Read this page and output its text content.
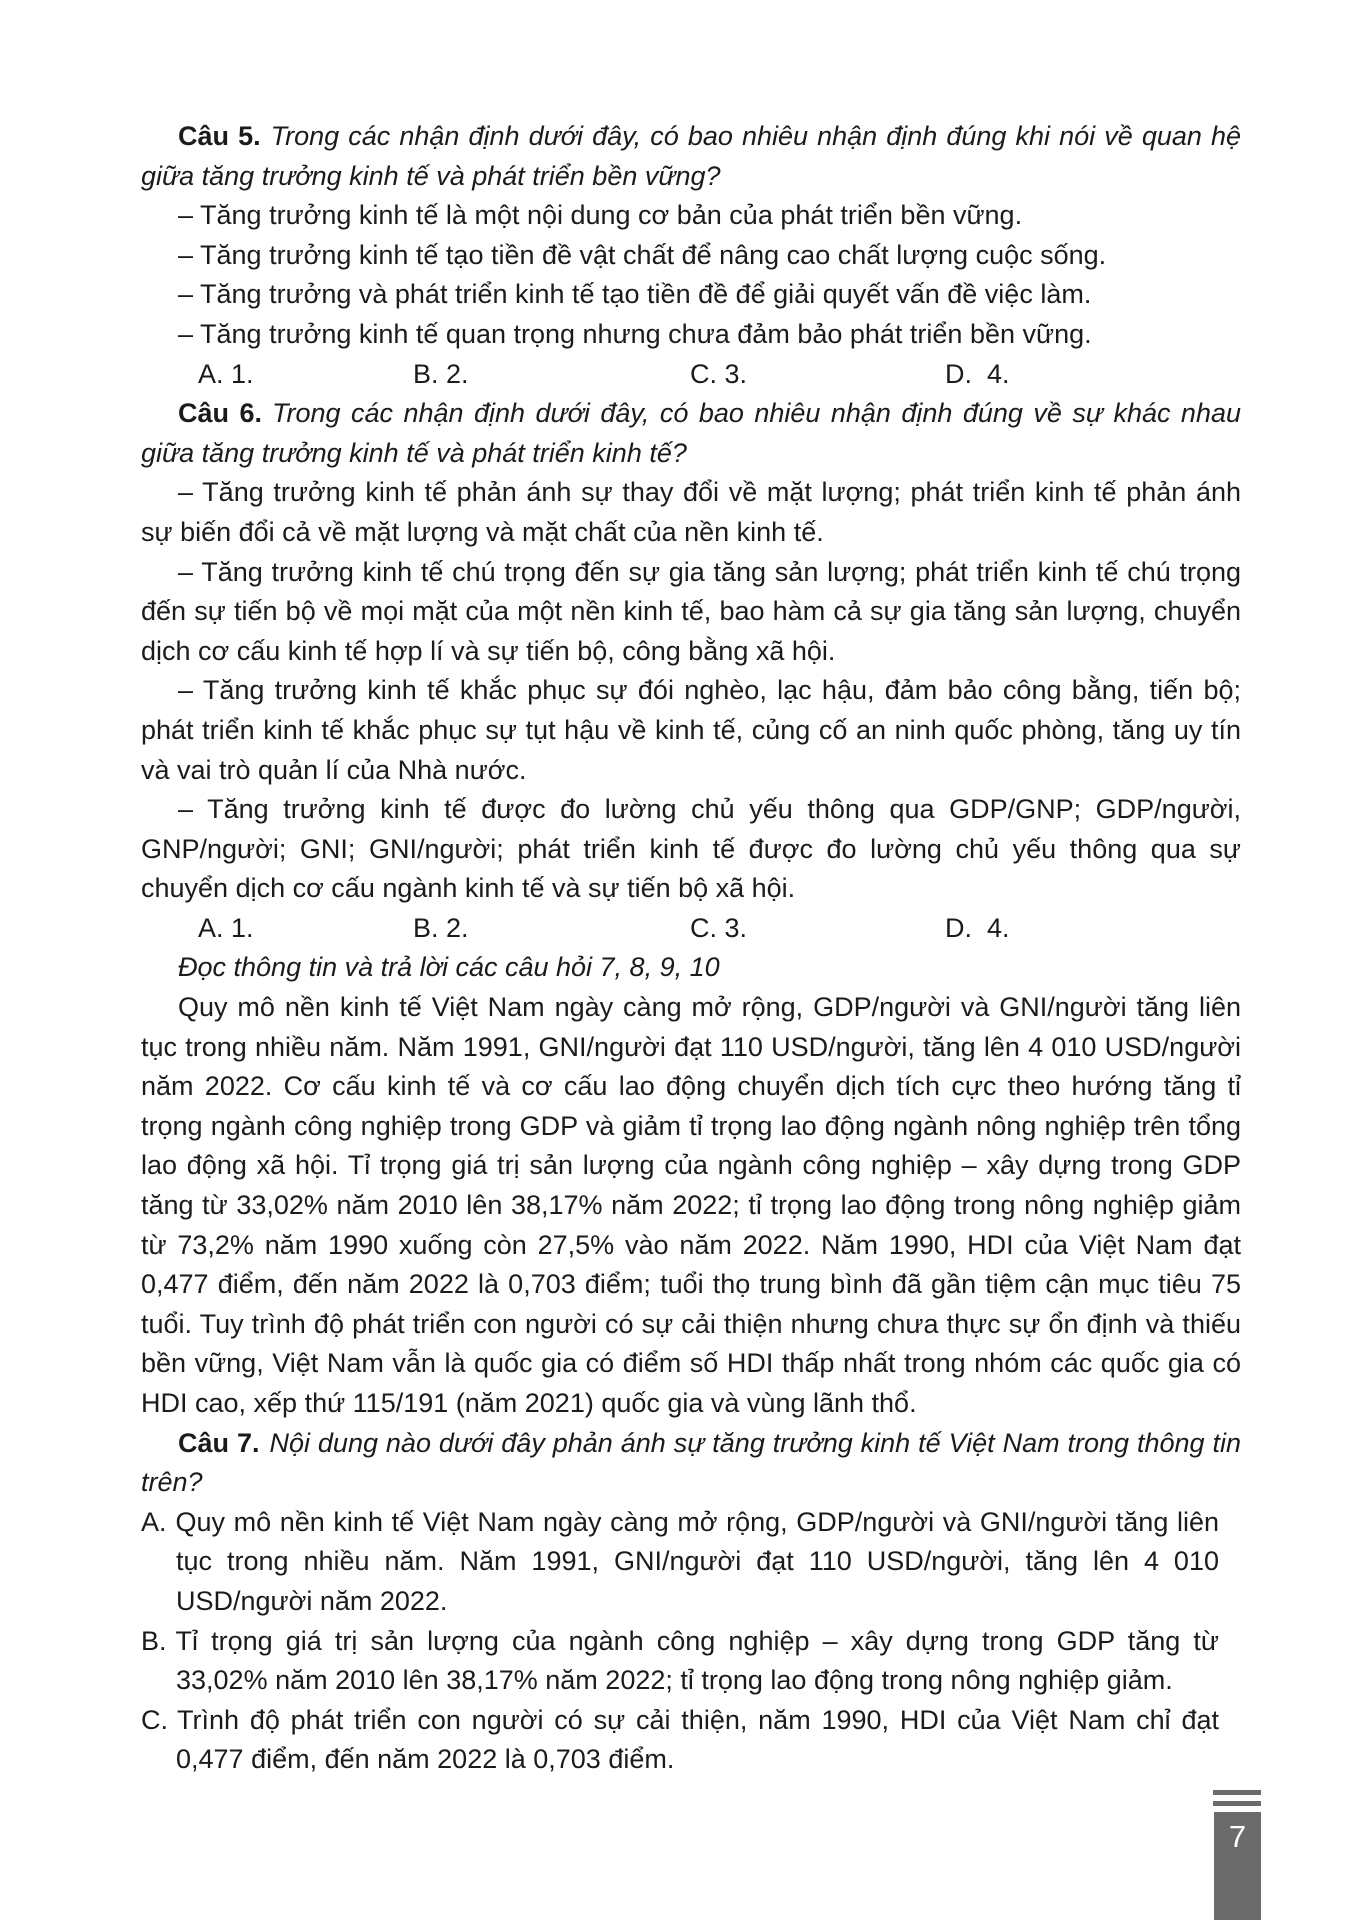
Câu 5. Trong các nhận định dưới đây, có bao nhiêu nhận định đúng khi nói về quan hệ giữa tăng trưởng kinh tế và phát triển bền vững?

– Tăng trưởng kinh tế là một nội dung cơ bản của phát triển bền vững.

– Tăng trưởng kinh tế tạo tiền đề vật chất để nâng cao chất lượng cuộc sống.

– Tăng trưởng và phát triển kinh tế tạo tiền đề để giải quyết vấn đề việc làm.

– Tăng trưởng kinh tế quan trọng nhưng chưa đảm bảo phát triển bền vững.

A. 1.	B. 2.	C. 3.	D.  4.

Câu 6. Trong các nhận định dưới đây, có bao nhiêu nhận định đúng về sự khác nhau giữa tăng trưởng kinh tế và phát triển kinh tế?

– Tăng trưởng kinh tế phản ánh sự thay đổi về mặt lượng; phát triển kinh tế phản ánh sự biến đổi cả về mặt lượng và mặt chất của nền kinh tế.

– Tăng trưởng kinh tế chú trọng đến sự gia tăng sản lượng; phát triển kinh tế chú trọng đến sự tiến bộ về mọi mặt của một nền kinh tế, bao hàm cả sự gia tăng sản lượng, chuyển dịch cơ cấu kinh tế hợp lí và sự tiến bộ, công bằng xã hội.

– Tăng trưởng kinh tế khắc phục sự đói nghèo, lạc hậu, đảm bảo công bằng, tiến bộ; phát triển kinh tế khắc phục sự tụt hậu về kinh tế, củng cố an ninh quốc phòng, tăng uy tín và vai trò quản lí của Nhà nước.

– Tăng trưởng kinh tế được đo lường chủ yếu thông qua GDP/GNP; GDP/người, GNP/người; GNI; GNI/người; phát triển kinh tế được đo lường chủ yếu thông qua sự chuyển dịch cơ cấu ngành kinh tế và sự tiến bộ xã hội.

A. 1.	B. 2.	C. 3.	D.  4.

Đọc thông tin và trả lời các câu hỏi 7, 8, 9, 10

Quy mô nền kinh tế Việt Nam ngày càng mở rộng, GDP/người và GNI/người tăng liên tục trong nhiều năm. Năm 1991, GNI/người đạt 110 USD/người, tăng lên 4 010 USD/người năm 2022. Cơ cấu kinh tế và cơ cấu lao động chuyển dịch tích cực theo hướng tăng tỉ trọng ngành công nghiệp trong GDP và giảm tỉ trọng lao động ngành nông nghiệp trên tổng lao động xã hội. Tỉ trọng giá trị sản lượng của ngành công nghiệp – xây dựng trong GDP tăng từ 33,02% năm 2010 lên 38,17% năm 2022; tỉ trọng lao động trong nông nghiệp giảm từ 73,2% năm 1990 xuống còn 27,5% vào năm 2022. Năm 1990, HDI của Việt Nam đạt 0,477 điểm, đến năm 2022 là 0,703 điểm; tuổi thọ trung bình đã gần tiệm cận mục tiêu 75 tuổi. Tuy trình độ phát triển con người có sự cải thiện nhưng chưa thực sự ổn định và thiếu bền vững, Việt Nam vẫn là quốc gia có điểm số HDI thấp nhất trong nhóm các quốc gia có HDI cao, xếp thứ 115/191 (năm 2021) quốc gia và vùng lãnh thổ.

Câu 7. Nội dung nào dưới đây phản ánh sự tăng trưởng kinh tế Việt Nam trong thông tin trên?

A. Quy mô nền kinh tế Việt Nam ngày càng mở rộng, GDP/người và GNI/người tăng liên tục trong nhiều năm. Năm 1991, GNI/người đạt 110 USD/người, tăng lên 4 010 USD/người năm 2022.

B. Tỉ trọng giá trị sản lượng của ngành công nghiệp – xây dựng trong GDP tăng từ 33,02% năm 2010 lên 38,17% năm 2022; tỉ trọng lao động trong nông nghiệp giảm.

C. Trình độ phát triển con người có sự cải thiện, năm 1990, HDI của Việt Nam chỉ đạt 0,477 điểm, đến năm 2022 là 0,703 điểm.

7
